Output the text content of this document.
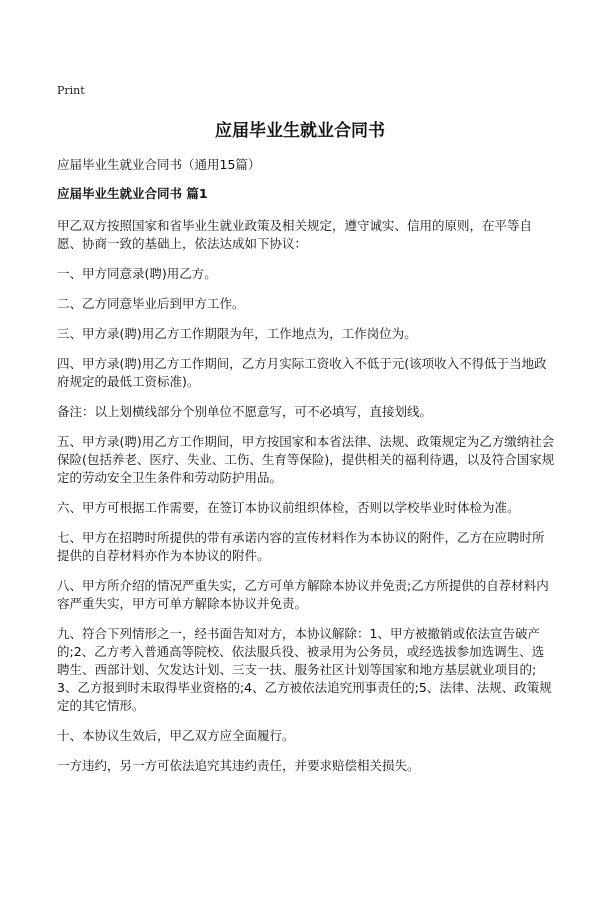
Print
应届毕业生就业合同书
应届毕业生就业合同书（通用15篇）
应届毕业生就业合同书 篇1

甲乙双方按照国家和省毕业生就业政策及相关规定，遵守诚实、信用的原则，在平等自愿、协商一致的基础上，依法达成如下协议：

一、甲方同意录(聘)用乙方。

二、乙方同意毕业后到甲方工作。

三、甲方录(聘)用乙方工作期限为年，工作地点为，工作岗位为。

四、甲方录(聘)用乙方工作期间，乙方月实际工资收入不低于元(该项收入不得低于当地政府规定的最低工资标准)。

备注：以上划横线部分个别单位不愿意写，可不必填写，直接划线。

五、甲方录(聘)用乙方工作期间，甲方按国家和本省法律、法规、政策规定为乙方缴纳社会保险(包括养老、医疗、失业、工伤、生育等保险)，提供相关的福利待遇，以及符合国家规定的劳动安全卫生条件和劳动防护用品。

六、甲方可根据工作需要，在签订本协议前组织体检，否则以学校毕业时体检为准。

七、甲方在招聘时所提供的带有承诺内容的宣传材料作为本协议的附件，乙方在应聘时所提供的自荐材料亦作为本协议的附件。

八、甲方所介绍的情况严重失实，乙方可单方解除本协议并免责;乙方所提供的自荐材料内容严重失实，甲方可单方解除本协议并免责。

九、符合下列情形之一，经书面告知对方，本协议解除：1、甲方被撤销或依法宣告破产的;2、乙方考入普通高等院校、依法服兵役、被录用为公务员，或经选拔参加选调生、选聘生、西部计划、欠发达计划、三支一扶、服务社区计划等国家和地方基层就业项目的;3、乙方报到时未取得毕业资格的;4、乙方被依法追究刑事责任的;5、法律、法规、政策规定的其它情形。

十、本协议生效后，甲乙双方应全面履行。

一方违约，另一方可依法追究其违约责任，并要求赔偿相关损失。
